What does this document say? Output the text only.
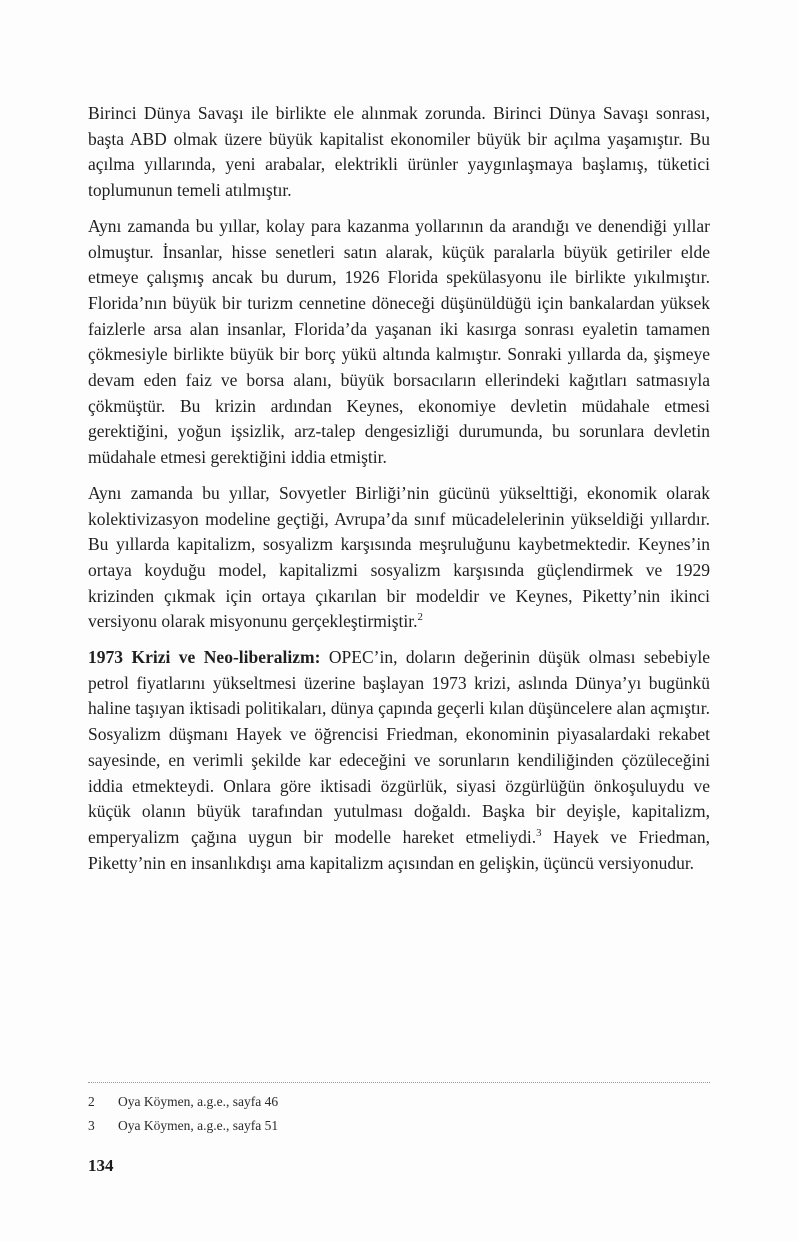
Birinci Dünya Savaşı ile birlikte ele alınmak zorunda. Birinci Dünya Savaşı sonrası, başta ABD olmak üzere büyük kapitalist ekonomiler büyük bir açılma yaşamıştır. Bu açılma yıllarında, yeni arabalar, elektrikli ürünler yaygınlaşmaya başlamış, tüketici toplumunun temeli atılmıştır.

Aynı zamanda bu yıllar, kolay para kazanma yollarının da arandığı ve denendiği yıllar olmuştur. İnsanlar, hisse senetleri satın alarak, küçük paralarla büyük getiriler elde etmeye çalışmış ancak bu durum, 1926 Florida spekülasyonu ile birlikte yıkılmıştır. Florida’nın büyük bir turizm cennetine döneceği düşünüldüğü için bankalardan yüksek faizlerle arsa alan insanlar, Florida’da yaşanan iki kasırga sonrası eyaletin tamamen çökmesiyle birlikte büyük bir borç yükü altında kalmıştır. Sonraki yıllarda da, şişmeye devam eden faiz ve borsa alanı, büyük borsacıların ellerindeki kağıtları satmasıyla çökmüştür. Bu krizin ardından Keynes, ekonomiye devletin müdahale etmesi gerektiğini, yoğun işsizlik, arz-talep dengesizliği durumunda, bu sorunlara devletin müdahale etmesi gerektiğini iddia etmiştir.

Aynı zamanda bu yıllar, Sovyetler Birliği’nin gücünü yükselttiği, ekonomik olarak kolektivizasyon modeline geçtiği, Avrupa’da sınıf mücadelelerinin yükseldiği yıllardır. Bu yıllarda kapitalizm, sosyalizm karşısında meşruluğunu kaybetmektedir. Keynes’in ortaya koyduğu model, kapitalizmi sosyalizm karşısında güçlendirmek ve 1929 krizinden çıkmak için ortaya çıkarılan bir modeldir ve Keynes, Piketty’nin ikinci versiyonu olarak misyonunu gerçekleştirmiştir.$^2$

1973 Krizi ve Neo-liberalizm: OPEC’in, doların değerinin düşük olması sebebiyle petrol fiyatlarını yükseltmesi üzerine başlayan 1973 krizi, aslında Dünya’yı bugünkü haline taşıyan iktisadi politikaları, dünya çapında geçerli kılan düşüncelere alan açmıştır. Sosyalizm düşmanı Hayek ve öğrencisi Friedman, ekonominin piyasalardaki rekabet sayesinde, en verimli şekilde kar edeceğini ve sorunların kendiliğinden çözüleceğini iddia etmekteydi. Onlara göre iktisadi özgürlük, siyasi özgürlüğün önkoşuluydu ve küçük olanın büyük tarafından yutulması doğaldı. Başka bir deyişle, kapitalizm, emperyalizm çağına uygun bir modelle hareket etmeliydi.$^3$ Hayek ve Friedman, Piketty’nin en insanlıkdışı ama kapitalizm açısından en gelişkin, üçüncü versiyonudur.

2 Oya Köymen, a.g.e., sayfa 46
3 Oya Köymen, a.g.e., sayfa 51
134
